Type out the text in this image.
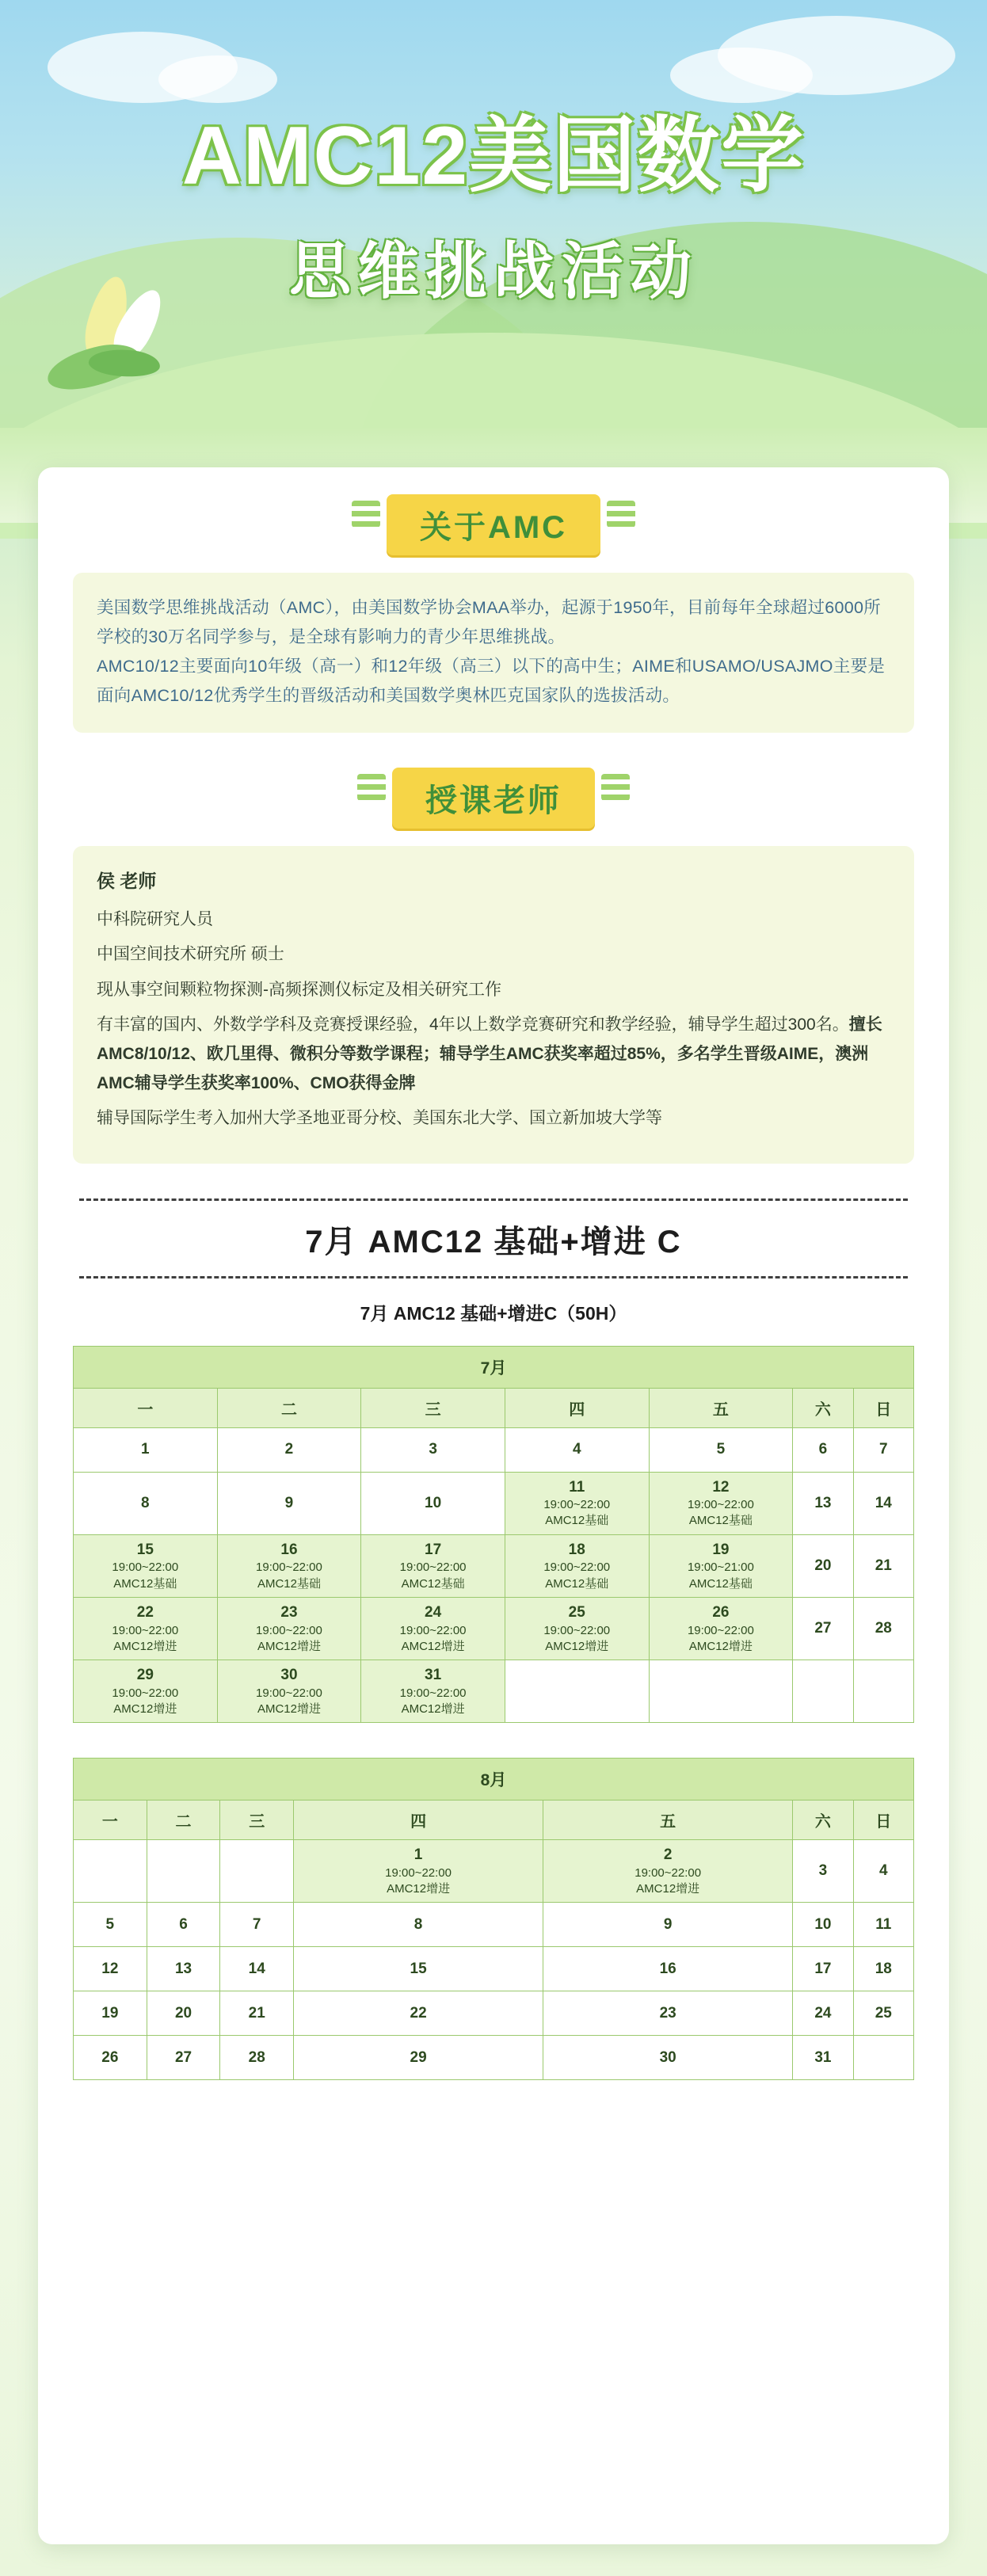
AMC12美国数学
思维挑战活动
关于AMC

美国数学思维挑战活动（AMC），由美国数学协会MAA举办，起源于1950年，目前每年全球超过6000所学校的30万名同学参与，是全球有影响力的青少年思维挑战。

AMC10/12主要面向10年级（高一）和12年级（高三）以下的高中生；AIME和USAMO/USAJMO主要是面向AMC10/12优秀学生的晋级活动和美国数学奥林匹克国家队的选拔活动。

授课老师
侯 老师

中科院研究人员

中国空间技术研究所 硕士

现从事空间颗粒物探测-高频探测仪标定及相关研究工作

有丰富的国内、外数学学科及竞赛授课经验，4年以上数学竞赛研究和教学经验，辅导学生超过300名。擅长AMC8/10/12、欧几里得、微积分等数学课程；辅导学生AMC获奖率超过85%，多名学生晋级AIME，澳洲AMC辅导学生获奖率100%、CMO获得金牌

辅导国际学生考入加州大学圣地亚哥分校、美国东北大学、国立新加坡大学等

7月 AMC12 基础+增进 C
7月 AMC12 基础+增进C（50H）
7月						
一	二	三	四	五	六	日

1	2	3	4	5	6	7

8	9	10	11
19:00~22:00
AMC12基础	12
19:00~22:00
AMC12基础	13	14

15
19:00~22:00
AMC12基础	16
19:00~22:00
AMC12基础	17
19:00~22:00
AMC12基础	18
19:00~22:00
AMC12基础	19
19:00~21:00
AMC12基础	20	21

22
19:00~22:00
AMC12增进	23
19:00~22:00
AMC12增进	24
19:00~22:00
AMC12增进	25
19:00~22:00
AMC12增进	26
19:00~22:00
AMC12增进	27	28

29
19:00~22:00
AMC12增进	30
19:00~22:00
AMC12增进	31
19:00~22:00
AMC12增进				

8月						
一	二	三	四	五	六	日

			1
19:00~22:00
AMC12增进	2
19:00~22:00
AMC12增进	3	4

5	6	7	8	9	10	11

12	13	14	15	16	17	18

19	20	21	22	23	24	25

26	27	28	29	30	31	
